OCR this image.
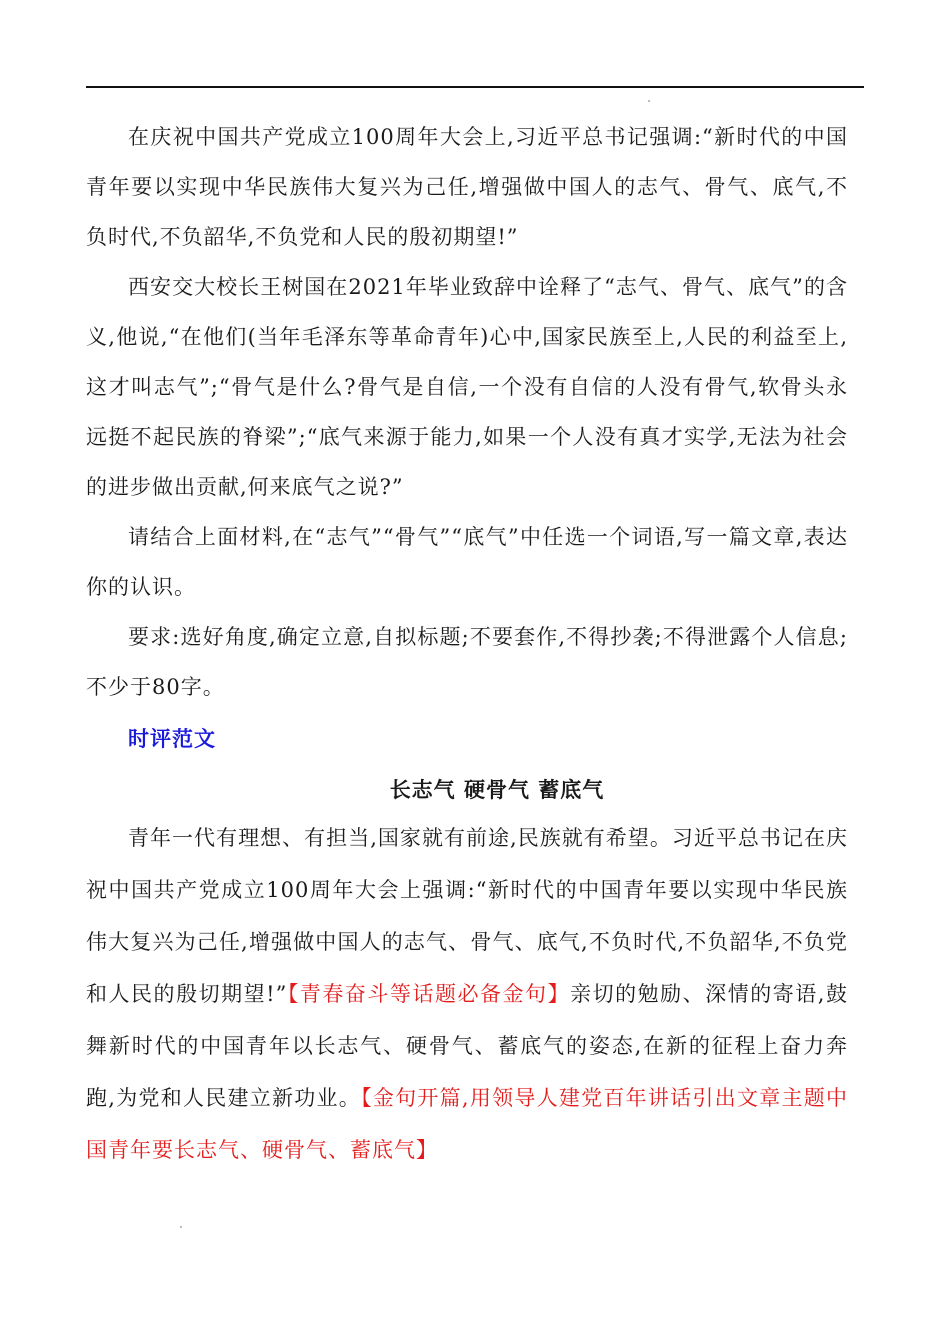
在庆祝中国共产党成立100周年大会上,习近平总书记强调:“新时代的中国青年要以实现中华民族伟大复兴为己任,增强做中国人的志气、骨气、底气,不负时代,不负韶华,不负党和人民的殷初期望!”

西安交大校长王树国在2021年毕业致辞中诠释了“志气、骨气、底气”的含义,他说,“在他们(当年毛泽东等革命青年)心中,国家民族至上,人民的利益至上,这才叫志气”;“骨气是什么?骨气是自信,一个没有自信的人没有骨气,软骨头永远挺不起民族的脊梁”;“底气来源于能力,如果一个人没有真才实学,无法为社会的进步做出贡献,何来底气之说?”

请结合上面材料,在“志气”“骨气”“底气”中任选一个词语,写一篇文章,表达你的认识。

要求:选好角度,确定立意,自拟标题;不要套作,不得抄袭;不得泄露个人信息;不少于80字。

时评范文

长志气 硬骨气 蓄底气

青年一代有理想、有担当,国家就有前途,民族就有希望。习近平总书记在庆祝中国共产党成立100周年大会上强调:“新时代的中国青年要以实现中华民族伟大复兴为己任,增强做中国人的志气、骨气、底气,不负时代,不负韶华,不负党和人民的殷切期望!”【青春奋斗等话题必备金句】亲切的勉励、深情的寄语,鼓舞新时代的中国青年以长志气、硬骨气、蓄底气的姿态,在新的征程上奋力奔跑,为党和人民建立新功业。【金句开篇,用领导人建党百年讲话引出文章主题中国青年要长志气、硬骨气、蓄底气】
